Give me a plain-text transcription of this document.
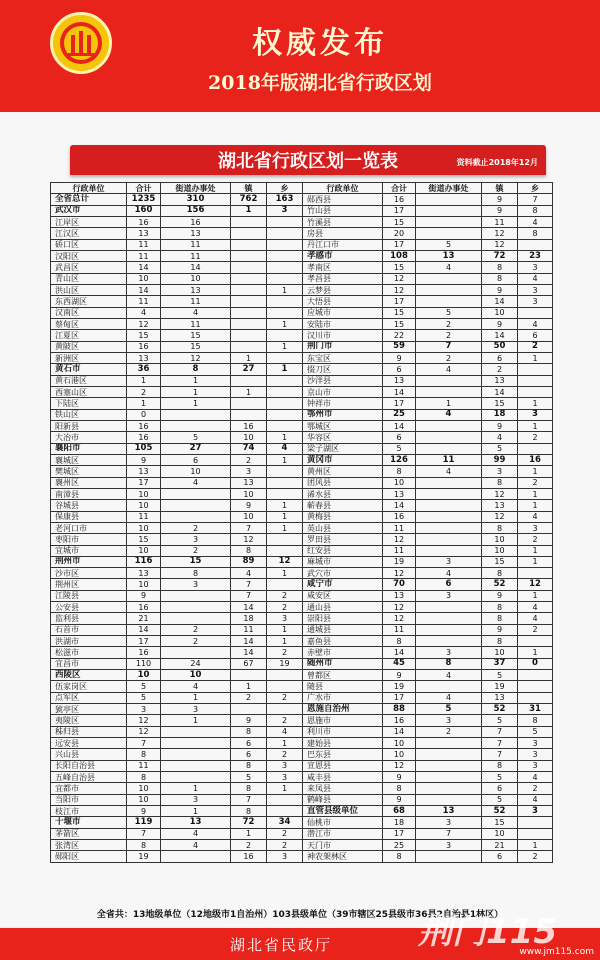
权威发布
2018年版湖北省行政区划
湖北省行政区划一览表	资料截止2018年12月
行政单位	合计	街道办事处	镇	乡
全省总计	1235	310	762	163
武汉市	160	156	1	3
江岸区	16	16		
江汉区	13	13		
硚口区	11	11		
汉阳区	11	11		
武昌区	14	14		
青山区	10	10		
洪山区	14	13		1
东西湖区	11	11		
汉南区	4	4		
蔡甸区	12	11		1
江夏区	15	15		
黄陂区	16	15		1
新洲区	13	12	1	
黄石市	36	8	27	1
黄石港区	1	1		
西塞山区	2	1	1	
下陆区	1	1		
铁山区	0			
阳新县	16		16	
大冶市	16	5	10	1
襄阳市	105	27	74	4
襄城区	9	6	2	1
樊城区	13	10	3	
襄州区	17	4	13	
南漳县	10		10	
谷城县	10		9	1
保康县	11		10	1
老河口市	10	2	7	1
枣阳市	15	3	12	
宜城市	10	2	8	
荆州市	116	15	89	12
沙市区	13	8	4	1
荆州区	10	3	7	
江陵县	9		7	2
公安县	16		14	2
监利县	21		18	3
石首市	14	2	11	1
洪湖市	17	2	14	1
松滋市	16		14	2
宜昌市	110	24	67	19
西陵区	10	10		
伍家岗区	5	4	1	
点军区	5	1	2	2
猇亭区	3	3		
夷陵区	12	1	9	2
秭归县	12		8	4
远安县	7		6	1
兴山县	8		6	2
长阳自治县	11		8	3
五峰自治县	8		5	3
宜都市	10	1	8	1
当阳市	10	3	7	
枝江市	9	1	8	
十堰市	119	13	72	34
茅箭区	7	4	1	2
张湾区	8	4	2	2
郧阳区	19		16	3
行政单位	合计	街道办事处	镇	乡
郧西县	16		9	7
竹山县	17		9	8
竹溪县	15		11	4
房县	20		12	8
丹江口市	17	5	12	
孝感市	108	13	72	23
孝南区	15	4	8	3
孝昌县	12		8	4
云梦县	12		9	3
大悟县	17		14	3
应城市	15	5	10	
安陆市	15	2	9	4
汉川市	22	2	14	6
荆门市	59	7	50	2
东宝区	9	2	6	1
掇刀区	6	4	2	
沙洋县	13		13	
京山市	14		14	
钟祥市	17	1	15	1
鄂州市	25	4	18	3
鄂城区	14		9	1
华容区	6		4	2
梁子湖区	5		5	
黄冈市	126	11	99	16
黄州区	8	4	3	1
团风县	10		8	2
浠水县	13		12	1
蕲春县	14		13	1
黄梅县	16		12	4
英山县	11		8	3
罗田县	12		10	2
红安县	11		10	1
麻城市	19	3	15	1
武穴市	12	4	8	
咸宁市	70	6	52	12
咸安区	13	3	9	1
通山县	12		8	4
崇阳县	12		8	4
通城县	11		9	2
嘉鱼县	8		8	
赤壁市	14	3	10	1
随州市	45	8	37	0
曾都区	9	4	5	
随县	19		19	
广水市	17	4	13	
恩施自治州	88	5	52	31
恩施市	16	3	5	8
利川市	14	2	7	5
建始县	10		7	3
巴东县	10		7	3
宣恩县	12		8	3
咸丰县	9		5	4
来凤县	8		6	2
鹤峰县	9		5	4
直管县级单位	68	13	52	3
仙桃市	18	3	15	
潜江市	17	7	10	
天门市	25	3	21	1
神农架林区	8		6	2
全省共：13地级单位（12地级市1自治州）103县级单位（39市辖区25县级市36县2自治县1林区）
湖北省民政厅	荆门115
www.jm115.com
